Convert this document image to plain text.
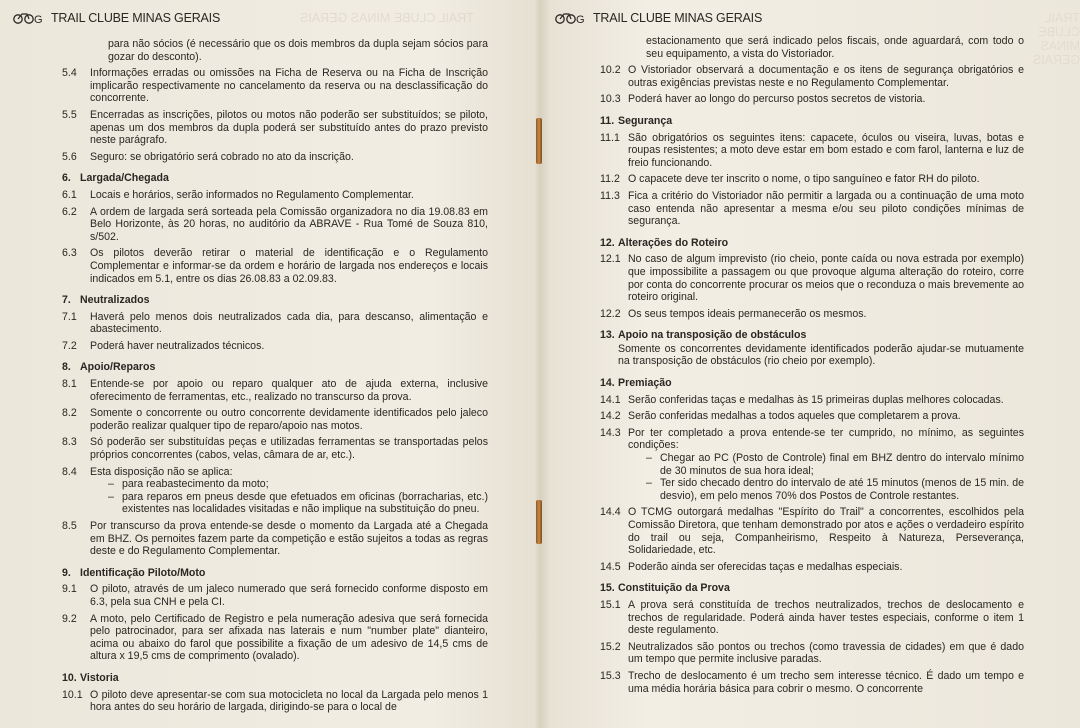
TRAIL CLUBE MINAS GERAIS
G TRAIL CLUBE MINAS GERAIS
para não sócios (é necessário que os dois membros da dupla sejam sócios para gozar do desconto).
5.4	Informações erradas ou omissões na Ficha de Reserva ou na Ficha de Inscrição implicarão respectivamente no cancelamento da reserva ou na desclassificação do concorrente.
5.5	Encerradas as inscrições, pilotos ou motos não poderão ser substituídos; se piloto, apenas um dos membros da dupla poderá ser substituído antes do prazo previsto neste parágrafo.
5.6	Seguro: se obrigatório será cobrado no ato da inscrição.
6. Largada/Chegada
6.1	Locais e horários, serão informados no Regulamento Complementar.
6.2	A ordem de largada será sorteada pela Comissão organizadora no dia 19.08.83 em Belo Horizonte, às 20 horas, no auditório da ABRAVE - Rua Tomé de Souza 810, s/502.
6.3	Os pilotos deverão retirar o material de identificação e o Regulamento Complementar e informar-se da ordem e horário de largada nos endereços e locais indicados em 5.1, entre os dias 26.08.83 a 02.09.83.
7. Neutralizados
7.1	Haverá pelo menos dois neutralizados cada dia, para descanso, alimentação e abastecimento.
7.2	Poderá haver neutralizados técnicos.
8. Apoio/Reparos
8.1	Entende-se por apoio ou reparo qualquer ato de ajuda externa, inclusive oferecimento de ferramentas, etc., realizado no transcurso da prova.
8.2	Somente o concorrente ou outro concorrente devidamente identificados pelo jaleco poderão realizar qualquer tipo de reparo/apoio nas motos.
8.3	Só poderão ser substituídas peças e utilizadas ferramentas se transportadas pelos próprios concorrentes (cabos, velas, câmara de ar, etc.).
8.4	Esta disposição não se aplica:
– para reabastecimento da moto;
– para reparos em pneus desde que efetuados em oficinas (borracharias, etc.) existentes nas localidades visitadas e não implique na substituição do pneu.
8.5	Por transcurso da prova entende-se desde o momento da Largada até a Chegada em BHZ. Os pernoites fazem parte da competição e estão sujeitos a todas as regras deste e do Regulamento Complementar.
9. Identificação Piloto/Moto
9.1	O piloto, através de um jaleco numerado que será fornecido conforme disposto em 6.3, pela sua CNH e pela CI.
9.2	A moto, pelo Certificado de Registro e pela numeração adesiva que será fornecida pelo patrocinador, para ser afixada nas laterais e num "number plate" dianteiro, acima ou abaixo do farol que possibilite a fixação de um adesivo de 14,5 cms de altura x 19,5 cms de comprimento (ovalado).
10. Vistoria
10.1 O piloto deve apresentar-se com sua motocicleta no local da Largada pelo menos 1 hora antes do seu horário de largada, dirigindo-se para o local de
TRAIL CLUBE MINAS GERAIS
G TRAIL CLUBE MINAS GERAIS
estacionamento que será indicado pelos fiscais, onde aguardará, com todo o seu equipamento, a vista do Vistoriador.
10.2 O Vistoriador observará a documentação e os itens de segurança obrigatórios e outras exigências previstas neste e no Regulamento Complementar.
10.3 Poderá haver ao longo do percurso postos secretos de vistoria.
11. Segurança
11.1 São obrigatórios os seguintes itens: capacete, óculos ou viseira, luvas, botas e roupas resistentes; a moto deve estar em bom estado e com farol, lanterna e luz de freio funcionando.
11.2 O capacete deve ter inscrito o nome, o tipo sanguíneo e fator RH do piloto.
11.3 Fica a critério do Vistoriador não permitir a largada ou a continuação de uma moto caso entenda não apresentar a mesma e/ou seu piloto condições mínimas de segurança.
12. Alterações do Roteiro
12.1 No caso de algum imprevisto (rio cheio, ponte caída ou nova estrada por exemplo) que impossibilite a passagem ou que provoque alguma alteração do roteiro, corre por conta do concorrente procurar os meios que o reconduza o mais brevemente ao roteiro original.
12.2 Os seus tempos ideais permanecerão os mesmos.
13. Apoio na transposição de obstáculos
Somente os concorrentes devidamente identificados poderão ajudar-se mutuamente na transposição de obstáculos (rio cheio por exemplo).
14. Premiação
14.1 Serão conferidas taças e medalhas às 15 primeiras duplas melhores colocadas.
14.2 Serão conferidas medalhas a todos aqueles que completarem a prova.
14.3 Por ter completado a prova entende-se ter cumprido, no mínimo, as seguintes condições:
– Chegar ao PC (Posto de Controle) final em BHZ dentro do intervalo mínimo de 30 minutos de sua hora ideal;
– Ter sido checado dentro do intervalo de até 15 minutos (menos de 15 min. de desvio), em pelo menos 70% dos Postos de Controle restantes.
14.4 O TCMG outorgará medalhas "Espírito do Trail" a concorrentes, escolhidos pela Comissão Diretora, que tenham demonstrado por atos e ações o verdadeiro espírito do trail ou seja, Companheirismo, Respeito à Natureza, Perseverança, Solidariedade, etc.
14.5 Poderão ainda ser oferecidas taças e medalhas especiais.
15. Constituição da Prova
15.1 A prova será constituída de trechos neutralizados, trechos de deslocamento e trechos de regularidade. Poderá ainda haver testes especiais, conforme o item 1 deste regulamento.
15.2 Neutralizados são pontos ou trechos (como travessia de cidades) em que é dado um tempo que permite inclusive paradas.
15.3 Trecho de deslocamento é um trecho sem interesse técnico. É dado um tempo e uma média horária básica para cobrir o mesmo. O concorrente
